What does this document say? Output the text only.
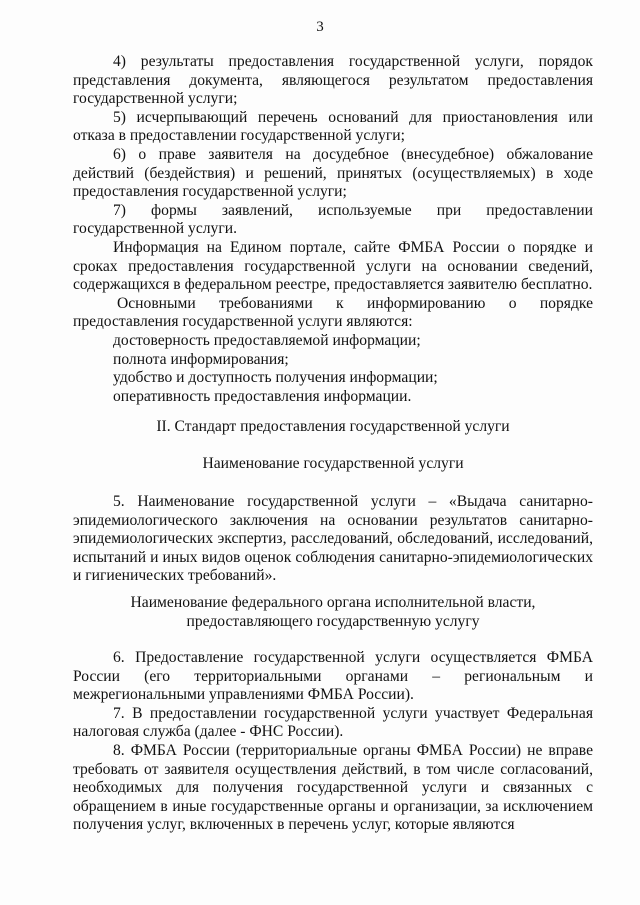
3

4) результаты предоставления государственной услуги, порядок представления документа, являющегося результатом предоставления государственной услуги;

5) исчерпывающий перечень оснований для приостановления или отказа в предоставлении государственной услуги;

6) о праве заявителя на досудебное (внесудебное) обжалование действий (бездействия) и решений, принятых (осуществляемых) в ходе предоставления государственной услуги;

7) формы заявлений, используемые при предоставлении государственной услуги.

Информация на Едином портале, сайте ФМБА России о порядке и сроках предоставления государственной услуги на основании сведений, содержащихся в федеральном реестре, предоставляется заявителю бесплатно.

Основными требованиями к информированию о порядке предоставления государственной услуги являются:

достоверность предоставляемой информации;

полнота информирования;

удобство и доступность получения информации;

оперативность предоставления информации.

II. Стандарт предоставления государственной услуги

Наименование государственной услуги

5. Наименование государственной услуги – «Выдача санитарно-эпидемиологического заключения на основании результатов санитарно-эпидемиологических экспертиз, расследований, обследований, исследований, испытаний и иных видов оценок соблюдения санитарно-эпидемиологических и гигиенических требований».

Наименование федерального органа исполнительной власти,

предоставляющего государственную услугу

6. Предоставление государственной услуги осуществляется ФМБА России (его территориальными органами – региональным и межрегиональными управлениями ФМБА России).

7. В предоставлении государственной услуги участвует Федеральная налоговая служба (далее - ФНС России).

8. ФМБА России (территориальные органы ФМБА России) не вправе требовать от заявителя осуществления действий, в том числе согласований, необходимых для получения государственной услуги и связанных с обращением в иные государственные органы и организации, за исключением получения услуг, включенных в перечень услуг, которые являются
